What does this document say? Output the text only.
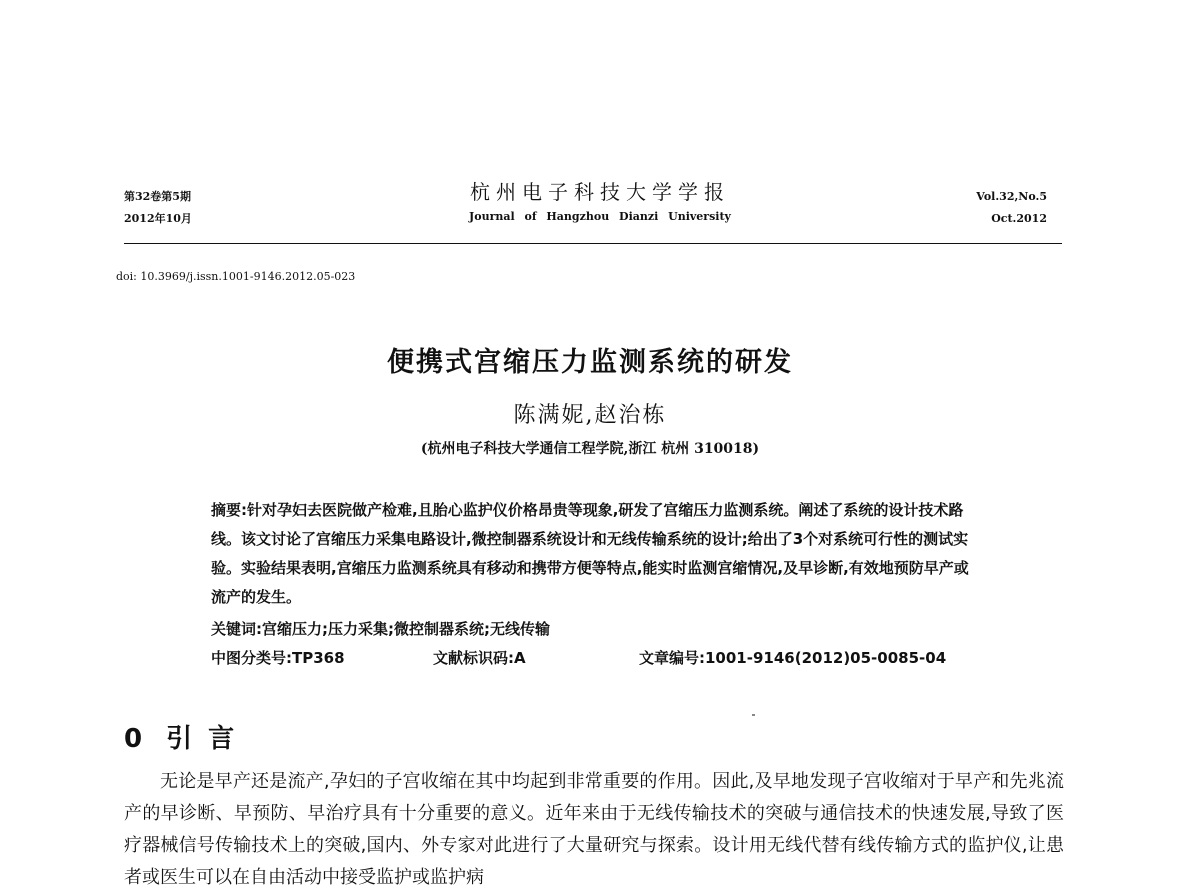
第32卷第5期
2012年10月
杭州电子科技大学学报
Journal of Hangzhou Dianzi University
Vol.32,No.5
Oct.2012
doi: 10.3969/j.issn.1001-9146.2012.05-023
便携式宫缩压力监测系统的研发
陈满妮,赵治栋
(杭州电子科技大学通信工程学院,浙江 杭州 310018)
摘要:针对孕妇去医院做产检难,且胎心监护仪价格昂贵等现象,研发了宫缩压力监测系统。阐述了系统的设计技术路线。该文讨论了宫缩压力采集电路设计,微控制器系统设计和无线传输系统的设计;给出了3个对系统可行性的测试实验。实验结果表明,宫缩压力监测系统具有移动和携带方便等特点,能实时监测宫缩情况,及早诊断,有效地预防早产或流产的发生。
关键词:宫缩压力;压力采集;微控制器系统;无线传输
中图分类号:TP368	文献标识码:A	文章编号:1001-9146(2012)05-0085-04
0 引言

无论是早产还是流产,孕妇的子宫收缩在其中均起到非常重要的作用。因此,及早地发现子宫收缩对于早产和先兆流产的早诊断、早预防、早治疗具有十分重要的意义。近年来由于无线传输技术的突破与通信技术的快速发展,导致了医疗器械信号传输技术上的突破,国内、外专家对此进行了大量研究与探索。设计用无线代替有线传输方式的监护仪,让患者或医生可以在自由活动中接受监护或监护病
